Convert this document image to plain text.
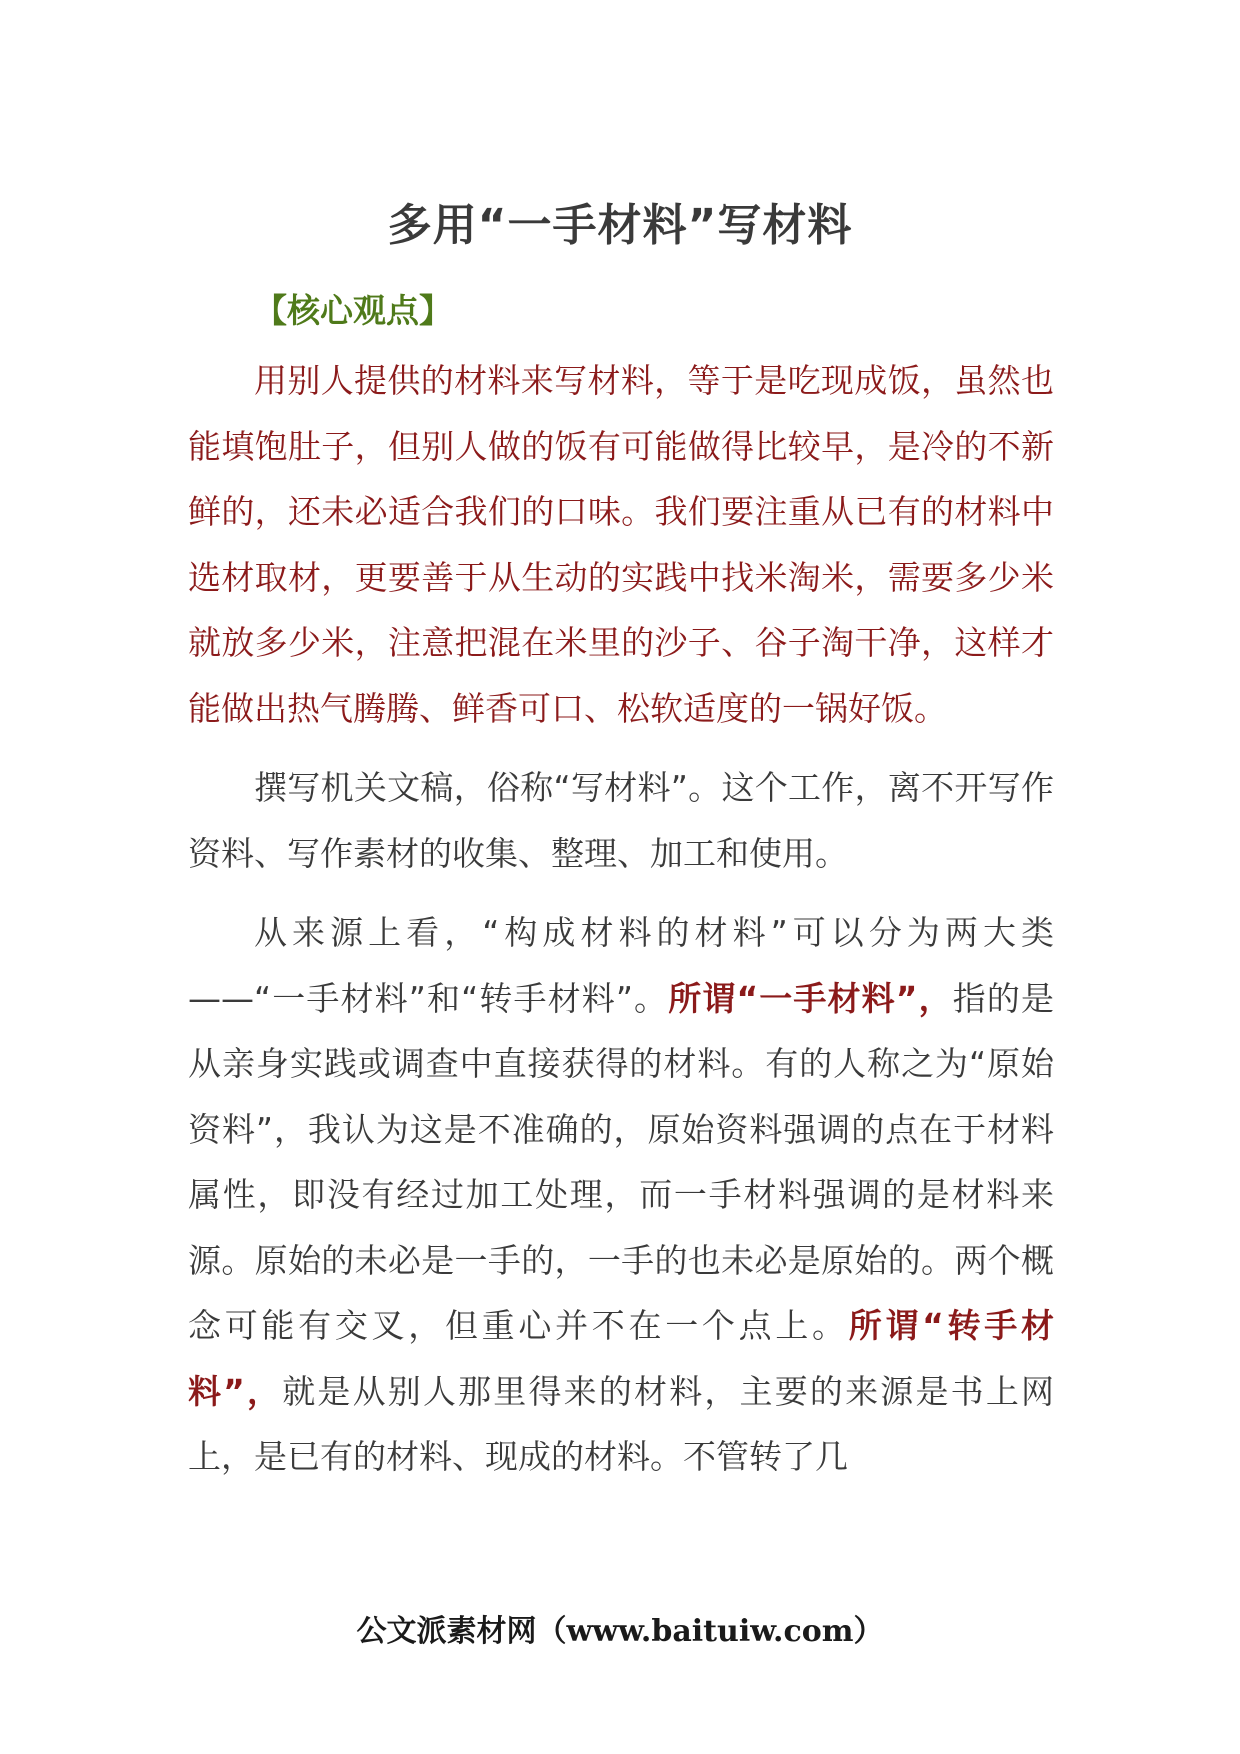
多用“一手材料”写材料
【核心观点】

用别人提供的材料来写材料，等于是吃现成饭，虽然也能填饱肚子，但别人做的饭有可能做得比较早，是冷的不新鲜的，还未必适合我们的口味。我们要注重从已有的材料中选材取材，更要善于从生动的实践中找米淘米，需要多少米就放多少米，注意把混在米里的沙子、谷子淘干净，这样才能做出热气腾腾、鲜香可口、松软适度的一锅好饭。

撰写机关文稿，俗称“写材料”。这个工作，离不开写作资料、写作素材的收集、整理、加工和使用。

从来源上看，“构成材料的材料”可以分为两大类——“一手材料”和“转手材料”。所谓“一手材料”，指的是从亲身实践或调查中直接获得的材料。有的人称之为“原始资料”，我认为这是不准确的，原始资料强调的点在于材料属性，即没有经过加工处理，而一手材料强调的是材料来源。原始的未必是一手的，一手的也未必是原始的。两个概念可能有交叉，但重心并不在一个点上。所谓“转手材料”，就是从别人那里得来的材料，主要的来源是书上网上，是已有的材料、现成的材料。不管转了几

公文派素材网（www.baituiw.com）
